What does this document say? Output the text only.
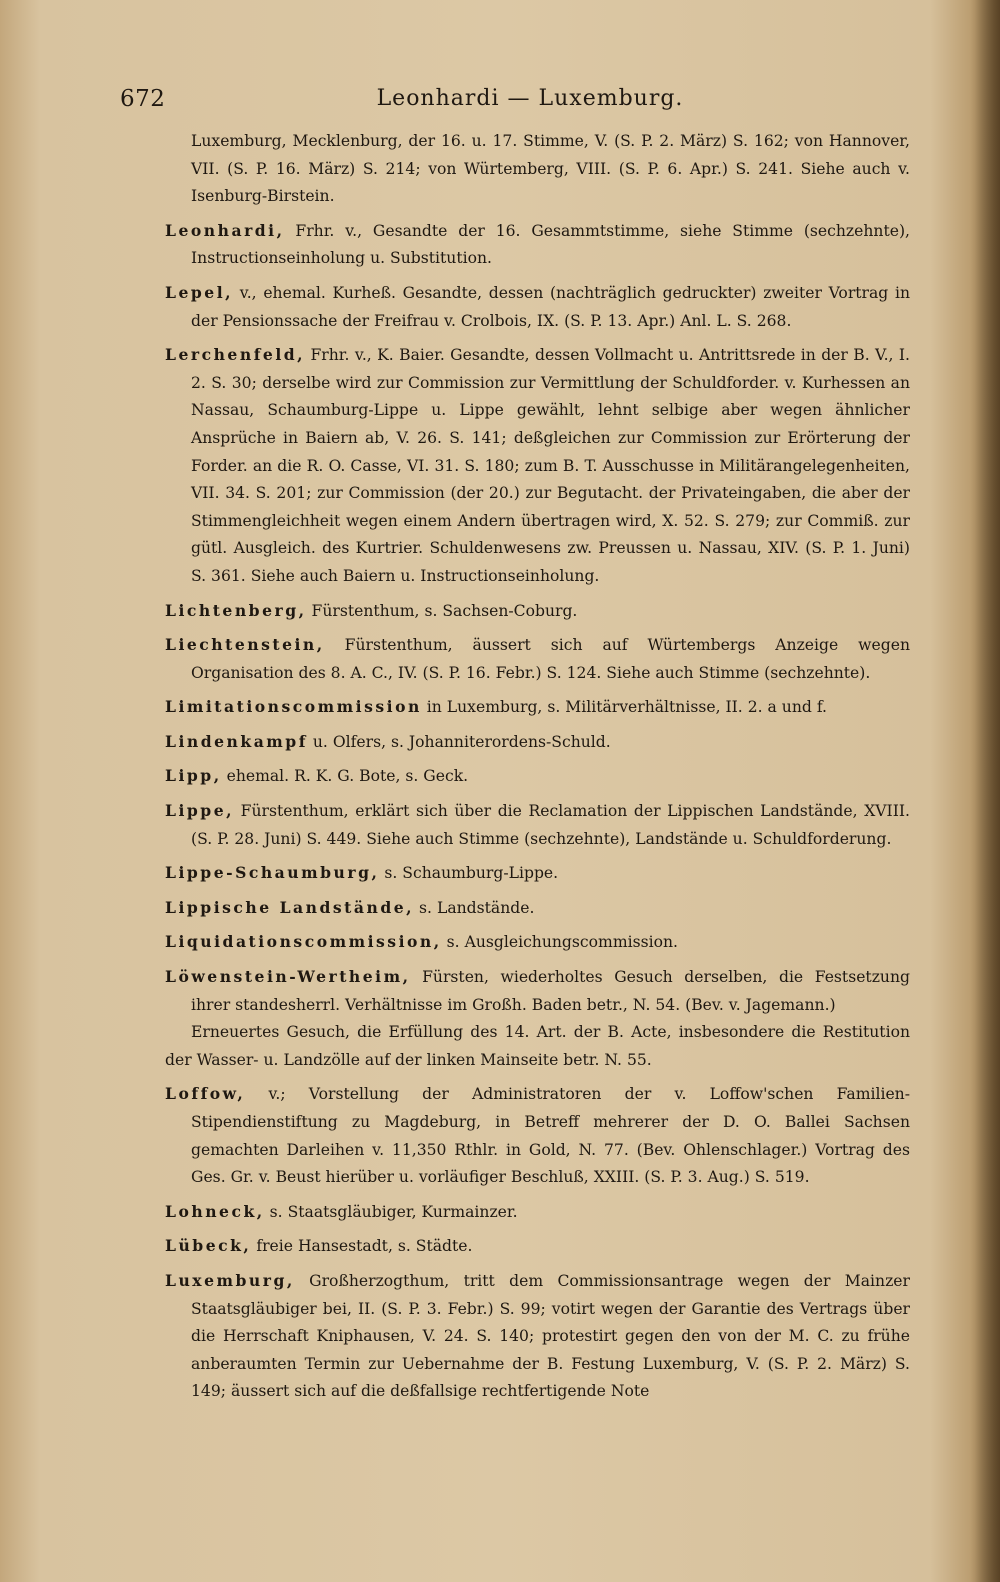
672	Leonhardi — Luxemburg.

Luxemburg, Mecklenburg, der 16. u. 17. Stimme, V. (S. P. 2. März) S. 162; von Hannover, VII. (S. P. 16. März) S. 214; von Würtemberg, VIII. (S. P. 6. Apr.) S. 241. Siehe auch v. Isenburg-Birstein.

Leonhardi, Frhr. v., Gesandte der 16. Gesammtstimme, siehe Stimme (sechzehnte), Instructionseinholung u. Substitution.

Lepel, v., ehemal. Kurheß. Gesandte, dessen (nachträglich gedruckter) zweiter Vortrag in der Pensionssache der Freifrau v. Crolbois, IX. (S. P. 13. Apr.) Anl. L. S. 268.

Lerchenfeld, Frhr. v., K. Baier. Gesandte, dessen Vollmacht u. Antrittsrede in der B. V., I. 2. S. 30; derselbe wird zur Commission zur Vermittlung der Schuldforder. v. Kurhessen an Nassau, Schaumburg-Lippe u. Lippe gewählt, lehnt selbige aber wegen ähnlicher Ansprüche in Baiern ab, V. 26. S. 141; deßgleichen zur Commission zur Erörterung der Forder. an die R. O. Casse, VI. 31. S. 180; zum B. T. Ausschusse in Militärangelegenheiten, VII. 34. S. 201; zur Commission (der 20.) zur Begutacht. der Privateingaben, die aber der Stimmengleichheit wegen einem Andern übertragen wird, X. 52. S. 279; zur Commiß. zur gütl. Ausgleich. des Kurtrier. Schuldenwesens zw. Preussen u. Nassau, XIV. (S. P. 1. Juni) S. 361. Siehe auch Baiern u. Instructionseinholung.

Lichtenberg, Fürstenthum, s. Sachsen-Coburg.

Liechtenstein, Fürstenthum, äussert sich auf Würtembergs Anzeige wegen Organisation des 8. A. C., IV. (S. P. 16. Febr.) S. 124. Siehe auch Stimme (sechzehnte).

Limitationscommission in Luxemburg, s. Militärverhältnisse, II. 2. a und f.

Lindenkampf u. Olfers, s. Johanniterordens-Schuld.

Lipp, ehemal. R. K. G. Bote, s. Geck.

Lippe, Fürstenthum, erklärt sich über die Reclamation der Lippischen Landstände, XVIII. (S. P. 28. Juni) S. 449. Siehe auch Stimme (sechzehnte), Landstände u. Schuldforderung.

Lippe-Schaumburg, s. Schaumburg-Lippe.

Lippische Landstände, s. Landstände.

Liquidationscommission, s. Ausgleichungscommission.

Löwenstein-Wertheim, Fürsten, wiederholtes Gesuch derselben, die Festsetzung ihrer standesherrl. Verhältnisse im Großh. Baden betr., N. 54. (Bev. v. Jagemann.)

Erneuertes Gesuch, die Erfüllung des 14. Art. der B. Acte, insbesondere die Restitution der Wasser- u. Landzölle auf der linken Mainseite betr. N. 55.

Loffow, v.; Vorstellung der Administratoren der v. Loffow'schen Familien-Stipendienstiftung zu Magdeburg, in Betreff mehrerer der D. O. Ballei Sachsen gemachten Darleihen v. 11,350 Rthlr. in Gold, N. 77. (Bev. Ohlenschlager.) Vortrag des Ges. Gr. v. Beust hierüber u. vorläufiger Beschluß, XXIII. (S. P. 3. Aug.) S. 519.

Lohneck, s. Staatsgläubiger, Kurmainzer.

Lübeck, freie Hansestadt, s. Städte.

Luxemburg, Großherzogthum, tritt dem Commissionsantrage wegen der Mainzer Staatsgläubiger bei, II. (S. P. 3. Febr.) S. 99; votirt wegen der Garantie des Vertrags über die Herrschaft Kniphausen, V. 24. S. 140; protestirt gegen den von der M. C. zu frühe anberaumten Termin zur Uebernahme der B. Festung Luxemburg, V. (S. P. 2. März) S. 149; äussert sich auf die deßfallsige rechtfertigende Note
